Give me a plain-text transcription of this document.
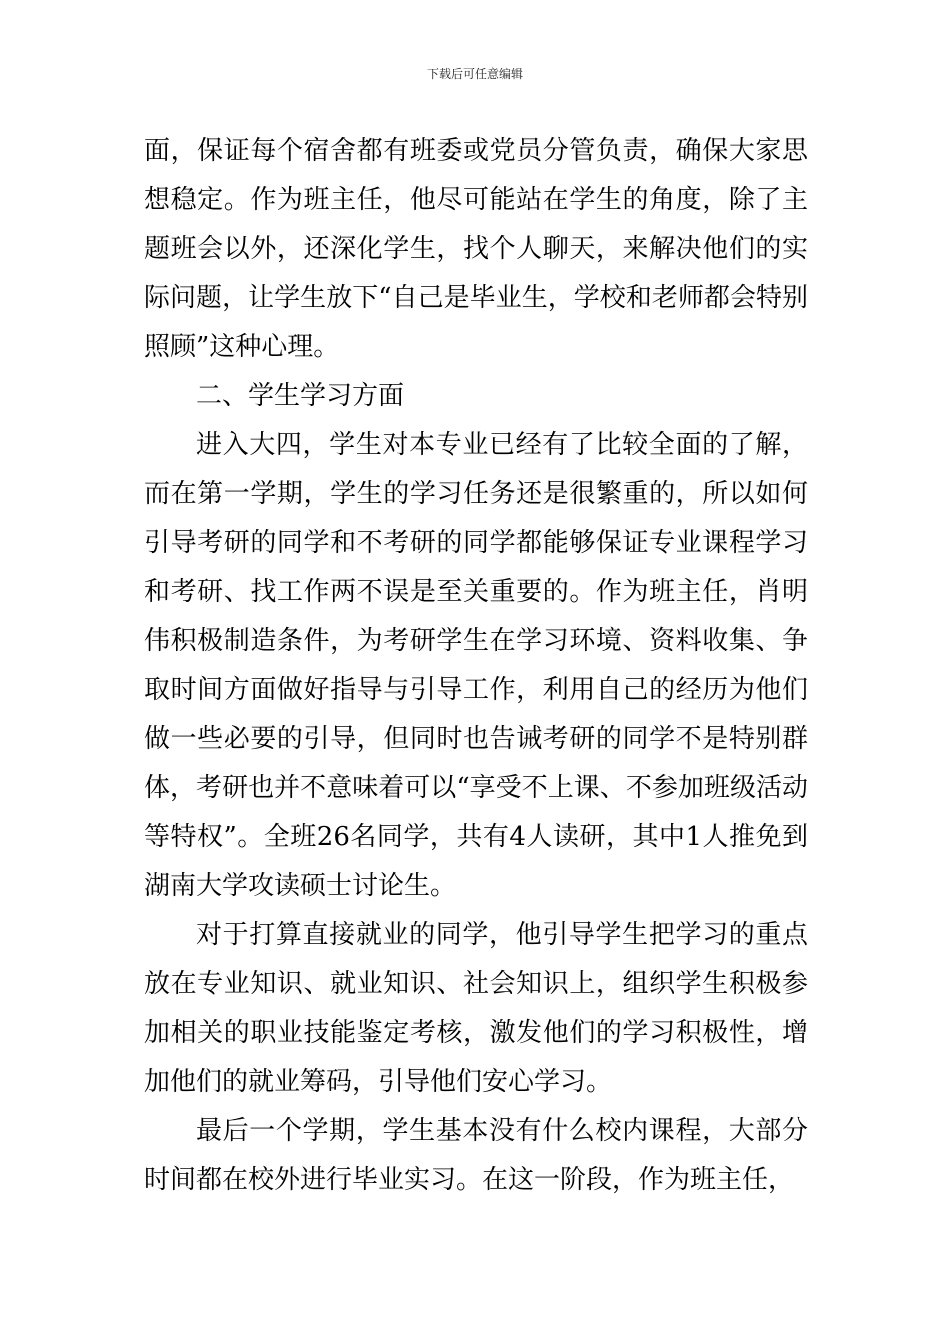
下载后可任意编辑

面，保证每个宿舍都有班委或党员分管负责，确保大家思想稳定。作为班主任，他尽可能站在学生的角度，除了主题班会以外，还深化学生，找个人聊天，来解决他们的实际问题，让学生放下“自己是毕业生，学校和老师都会特别照顾”这种心理。

二、学生学习方面

进入大四，学生对本专业已经有了比较全面的了解，而在第一学期，学生的学习任务还是很繁重的，所以如何引导考研的同学和不考研的同学都能够保证专业课程学习和考研、找工作两不误是至关重要的。作为班主任，肖明伟积极制造条件，为考研学生在学习环境、资料收集、争取时间方面做好指导与引导工作，利用自己的经历为他们做一些必要的引导，但同时也告诫考研的同学不是特别群体，考研也并不意味着可以“享受不上课、不参加班级活动等特权”。全班26名同学，共有4人读研，其中1人推免到湖南大学攻读硕士讨论生。

对于打算直接就业的同学，他引导学生把学习的重点放在专业知识、就业知识、社会知识上，组织学生积极参加相关的职业技能鉴定考核，激发他们的学习积极性，增加他们的就业筹码，引导他们安心学习。

最后一个学期，学生基本没有什么校内课程，大部分时间都在校外进行毕业实习。在这一阶段，作为班主任，
